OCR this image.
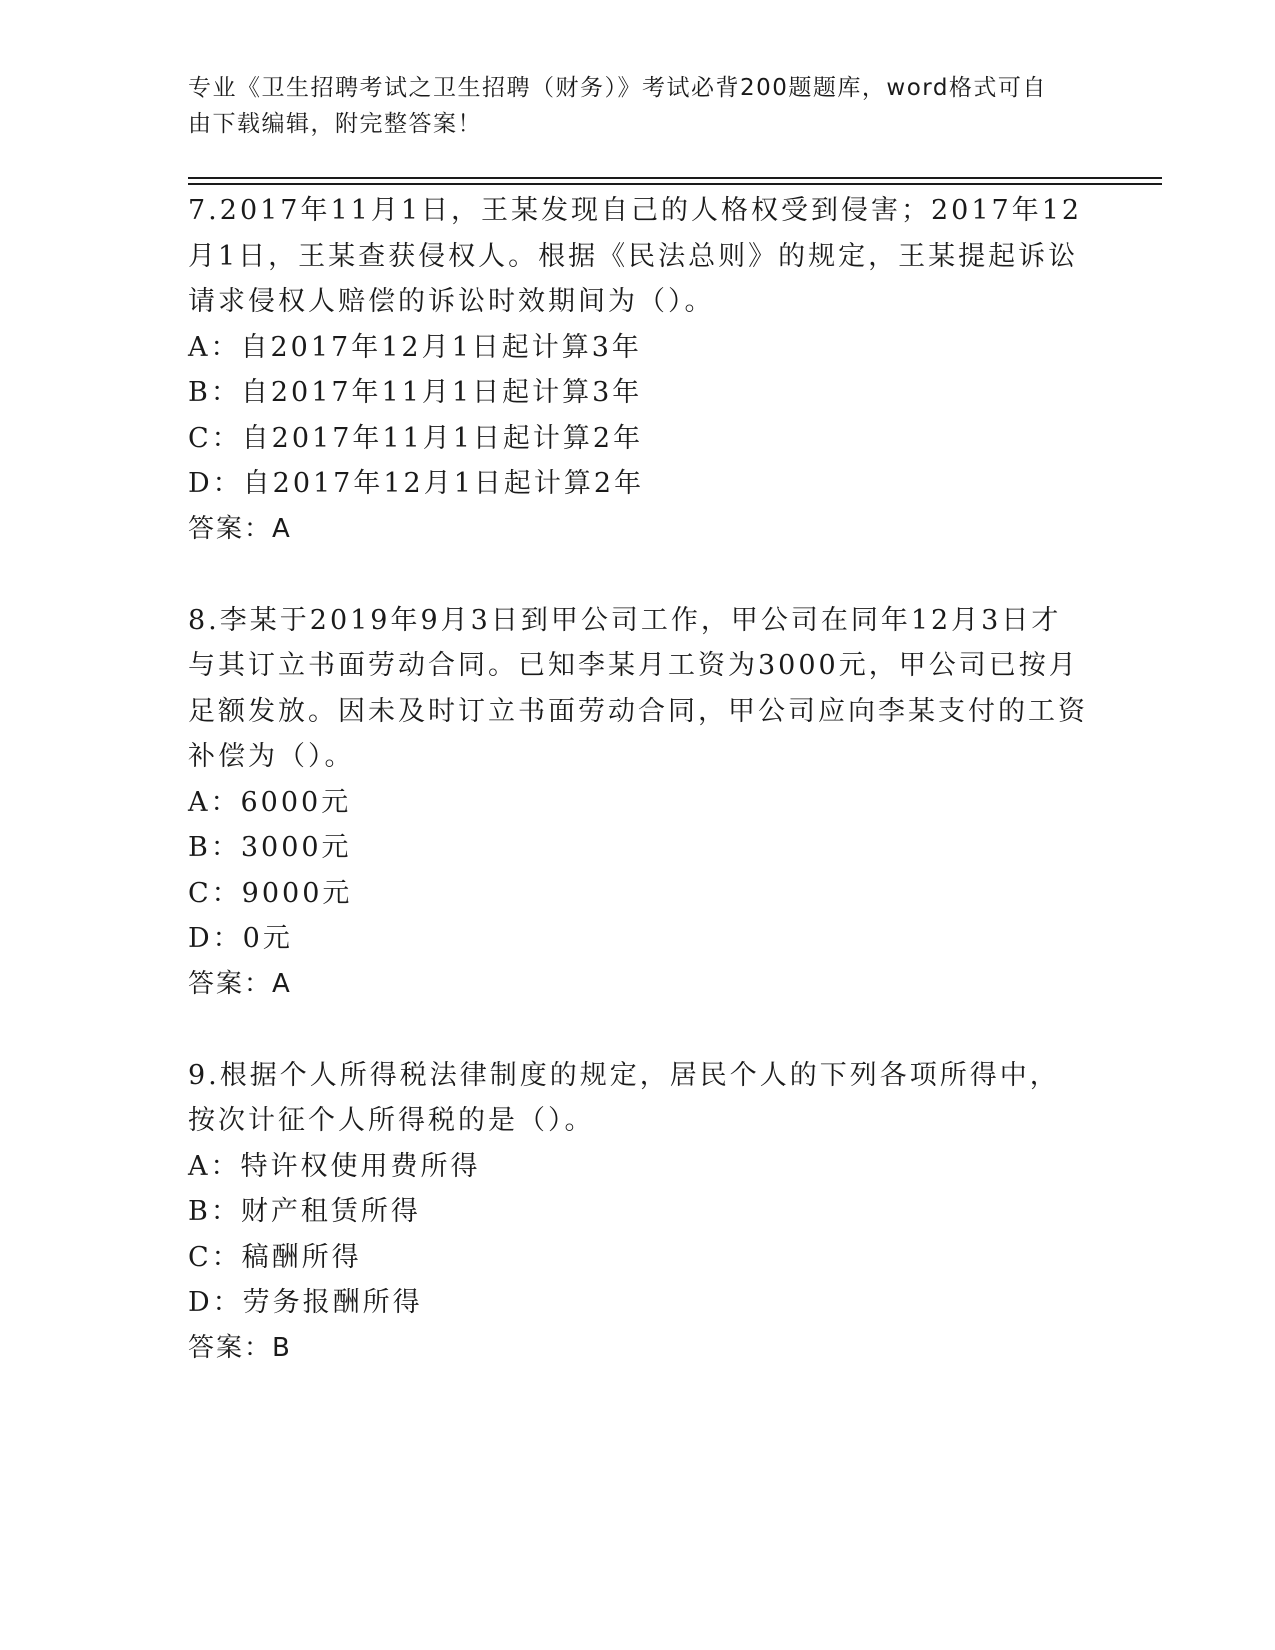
专业《卫生招聘考试之卫生招聘（财务）》考试必背200题题库，word格式可自由下载编辑，附完整答案！

7.2017年11月1日，王某发现自己的人格权受到侵害；2017年12月1日，王某查获侵权人。根据《民法总则》的规定，王某提起诉讼请求侵权人赔偿的诉讼时效期间为（）。

A：自2017年12月1日起计算3年

B：自2017年11月1日起计算3年

C：自2017年11月1日起计算2年

D：自2017年12月1日起计算2年

答案：A

8.李某于2019年9月3日到甲公司工作，甲公司在同年12月3日才与其订立书面劳动合同。已知李某月工资为3000元，甲公司已按月足额发放。因未及时订立书面劳动合同，甲公司应向李某支付的工资补偿为（）。

A：6000元

B：3000元

C：9000元

D：0元

答案：A

9.根据个人所得税法律制度的规定，居民个人的下列各项所得中，按次计征个人所得税的是（）。

A：特许权使用费所得

B：财产租赁所得

C：稿酬所得

D：劳务报酬所得

答案：B
